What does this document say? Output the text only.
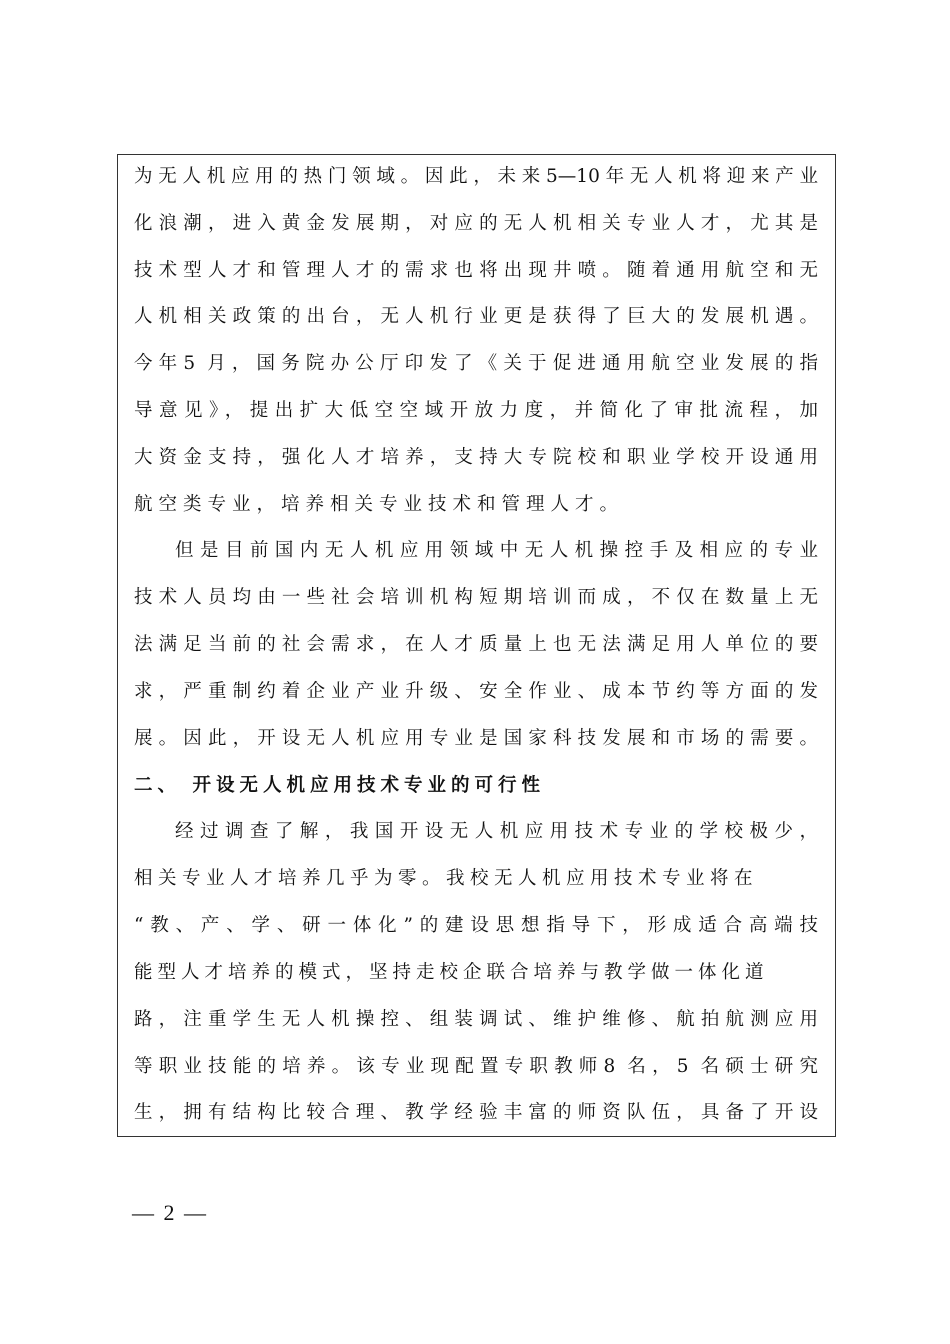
为无人机应用的热门领域。因此，未来5—10年无人机将迎来产业
化浪潮，进入黄金发展期，对应的无人机相关专业人才，尤其是
技术型人才和管理人才的需求也将出现井喷。随着通用航空和无
人机相关政策的出台，无人机行业更是获得了巨大的发展机遇。
今年5 月，国务院办公厅印发了《关于促进通用航空业发展的指
导意见》，提出扩大低空空域开放力度，并简化了审批流程，加
大资金支持，强化人才培养，支持大专院校和职业学校开设通用
航空类专业，培养相关专业技术和管理人才。
但是目前国内无人机应用领域中无人机操控手及相应的专业
技术人员均由一些社会培训机构短期培训而成，不仅在数量上无
法满足当前的社会需求，在人才质量上也无法满足用人单位的要
求，严重制约着企业产业升级、安全作业、成本节约等方面的发
展。因此，开设无人机应用专业是国家科技发展和市场的需要。
二、 开设无人机应用技术专业的可行性
经过调查了解，我国开设无人机应用技术专业的学校极少，
相关专业人才培养几乎为零。我校无人机应用技术专业将在
“教、产、学、研一体化”的建设思想指导下，形成适合高端技
能型人才培养的模式，坚持走校企联合培养与教学做一体化道
路，注重学生无人机操控、组装调试、维护维修、航拍航测应用
等职业技能的培养。该专业现配置专职教师8 名，5 名硕士研究
生，拥有结构比较合理、教学经验丰富的师资队伍，具备了开设
— 2 —
